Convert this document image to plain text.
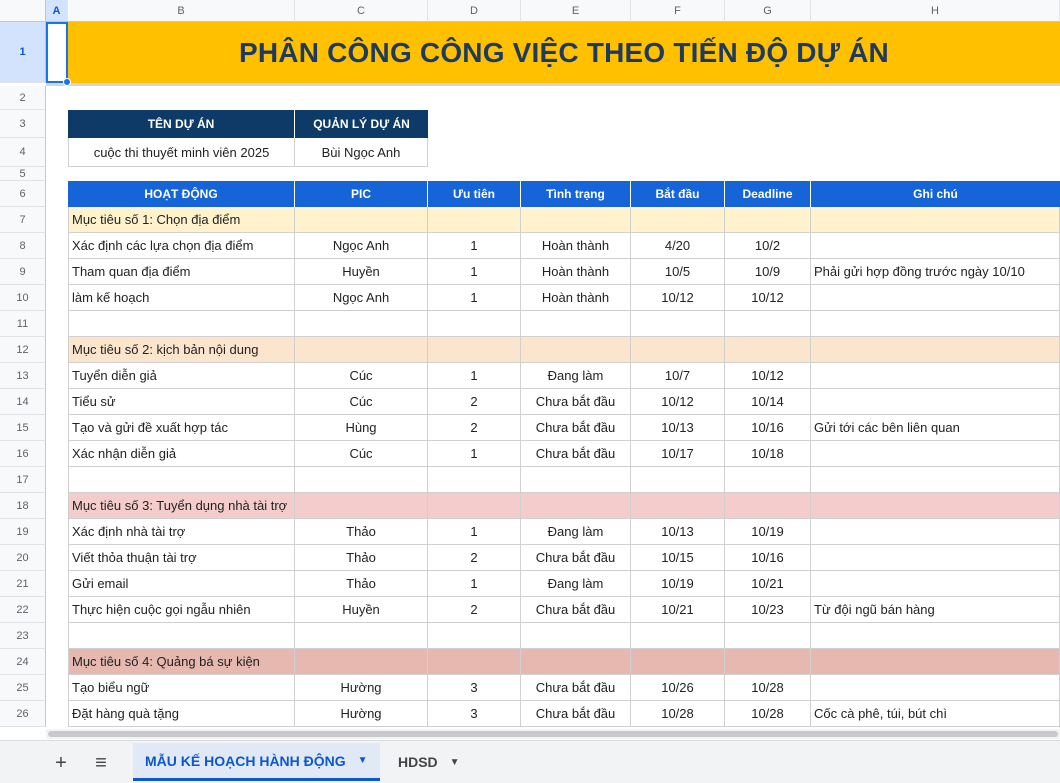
A	B	C	D	E	F	G	H
1
2
3
4
5
6
7
8
9
10
11
12
13
14
15
16
17
18
19
20
21
22
23
24
25
26
PHÂN CÔNG CÔNG VIỆC THEO TIẾN ĐỘ DỰ ÁN
TÊN DỰ ÁN	QUẢN LÝ DỰ ÁN
cuộc thi thuyết minh viên 2025	Bùi Ngọc Anh
HOẠT ĐỘNG	PIC	Ưu tiên	Tình trạng	Bắt đầu	Deadline	Ghi chú
Mục tiêu số 1: Chọn địa điểm
Xác định các lựa chọn địa điểm	Ngọc Anh	1	Hoàn thành	4/20	10/2
Tham quan địa điểm	Huyền	1	Hoàn thành	10/5	10/9	Phải gửi hợp đồng trước ngày 10/10
làm kế hoạch	Ngọc Anh	1	Hoàn thành	10/12	10/12
Mục tiêu số 2: kịch bản nội dung
Tuyển diễn giả	Cúc	1	Đang làm	10/7	10/12
Tiểu sử	Cúc	2	Chưa bắt đầu	10/12	10/14
Tạo và gửi đề xuất hợp tác	Hùng	2	Chưa bắt đầu	10/13	10/16	Gửi tới các bên liên quan
Xác nhận diễn giả	Cúc	1	Chưa bắt đầu	10/17	10/18
Mục tiêu số 3: Tuyển dụng nhà tài trợ
Xác định nhà tài trợ	Thảo	1	Đang làm	10/13	10/19
Viết thỏa thuận tài trợ	Thảo	2	Chưa bắt đầu	10/15	10/16
Gửi email	Thảo	1	Đang làm	10/19	10/21
Thực hiện cuộc gọi ngẫu nhiên	Huyền	2	Chưa bắt đầu	10/21	10/23	Từ đội ngũ bán hàng
Mục tiêu số 4: Quảng bá sự kiện
Tạo biểu ngữ	Hường	3	Chưa bắt đầu	10/26	10/28
Đặt hàng quà tặng	Hường	3	Chưa bắt đầu	10/28	10/28	Cốc cà phê, túi, bút chì
+ ≡	MẪU KẾ HOẠCH HÀNH ĐỘNG ▼ HDSD ▼
